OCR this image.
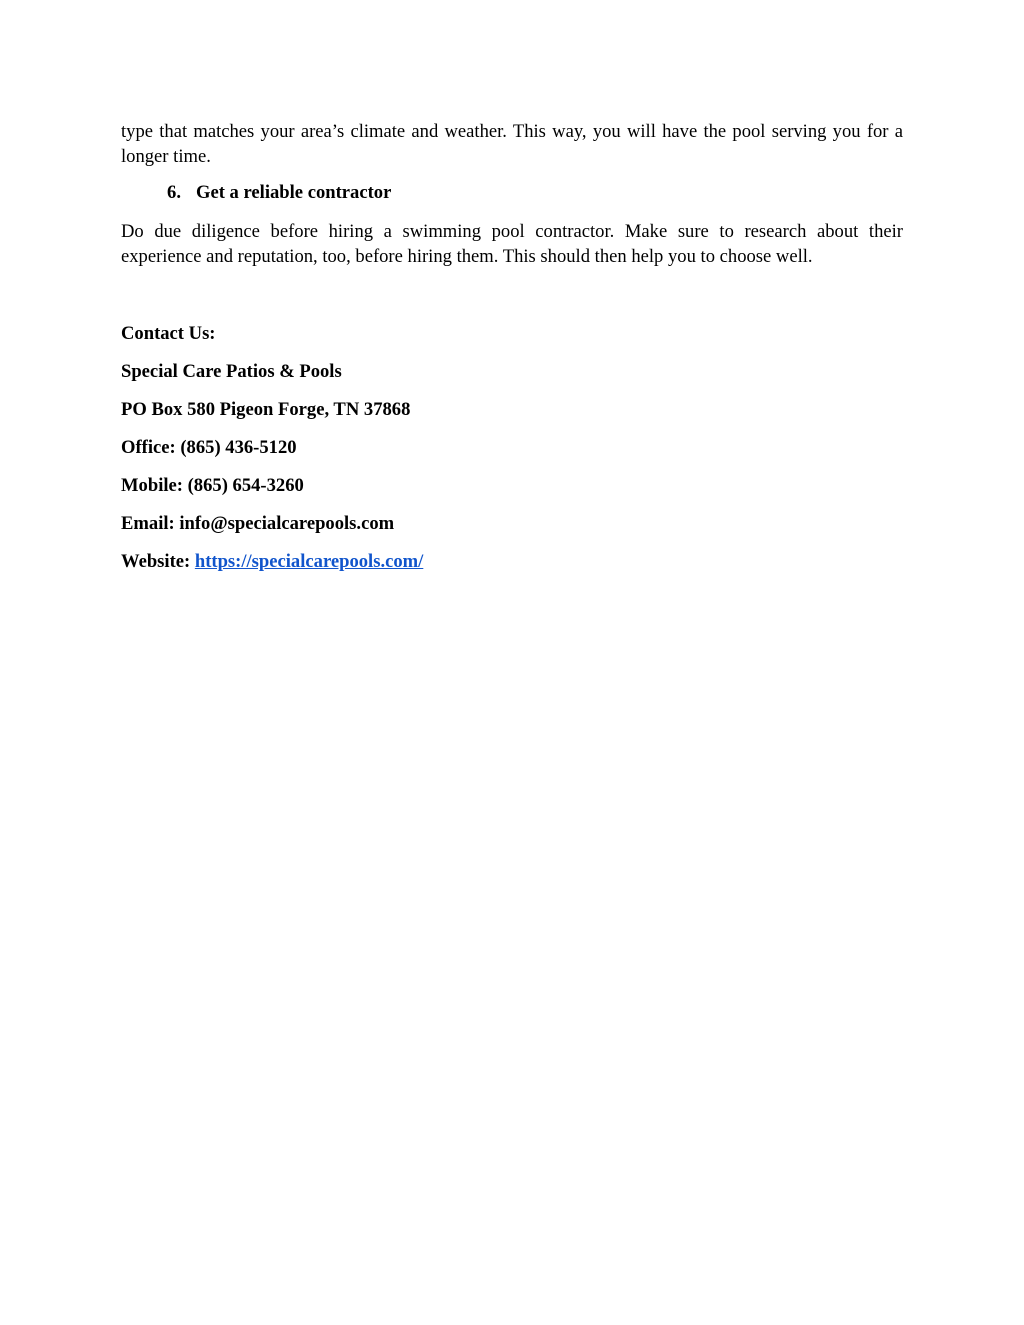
type that matches your area’s climate and weather. This way, you will have the pool serving you for a longer time.

6. Get a reliable contractor

Do due diligence before hiring a swimming pool contractor. Make sure to research about their experience and reputation, too, before hiring them. This should then help you to choose well.

Contact Us:

Special Care Patios & Pools

PO Box 580 Pigeon Forge, TN 37868

Office: (865) 436-5120

Mobile: (865) 654-3260

Email: info@specialcarepools.com

Website: https://specialcarepools.com/
